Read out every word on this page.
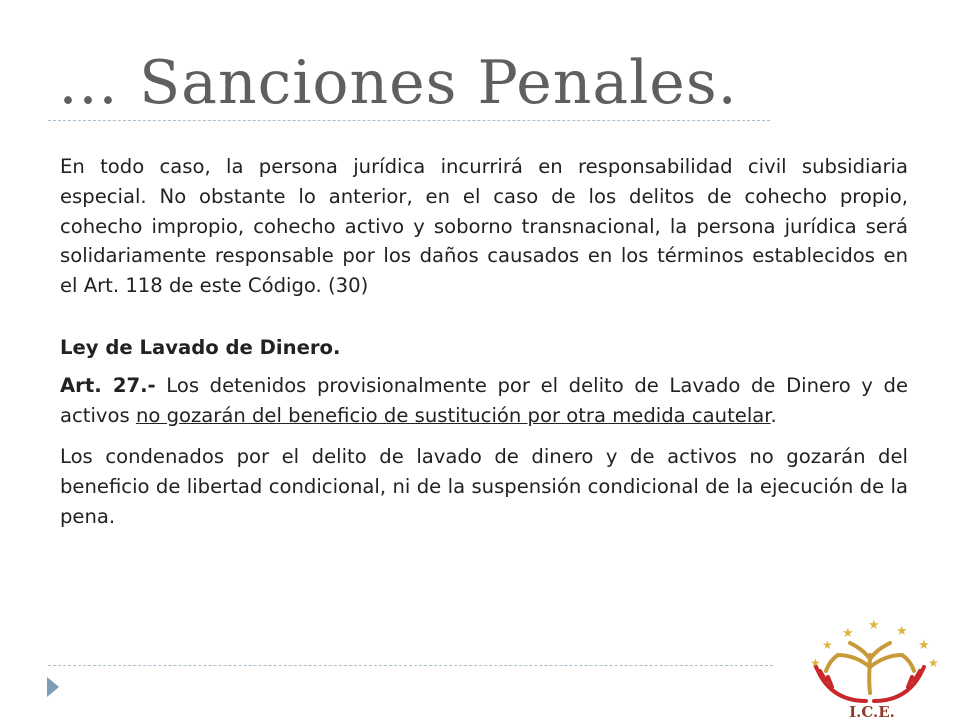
… Sanciones Penales.

En todo caso, la persona jurídica incurrirá en responsabilidad civil subsidiaria especial. No obstante lo anterior, en el caso de los delitos de cohecho propio, cohecho impropio, cohecho activo y soborno transnacional, la persona jurídica será solidariamente responsable por los daños causados en los términos establecidos en el Art. 118 de este Código. (30)

Ley de Lavado de Dinero.

Art. 27.- Los detenidos provisionalmente por el delito de Lavado de Dinero y de activos no gozarán del beneficio de sustitución por otra medida cautelar.

Los condenados por el delito de lavado de dinero y de activos no gozarán del beneficio de libertad condicional, ni de la suspensión condicional de la ejecución de la pena.

★
★ ★
★
★
★
★
I.C.E.
